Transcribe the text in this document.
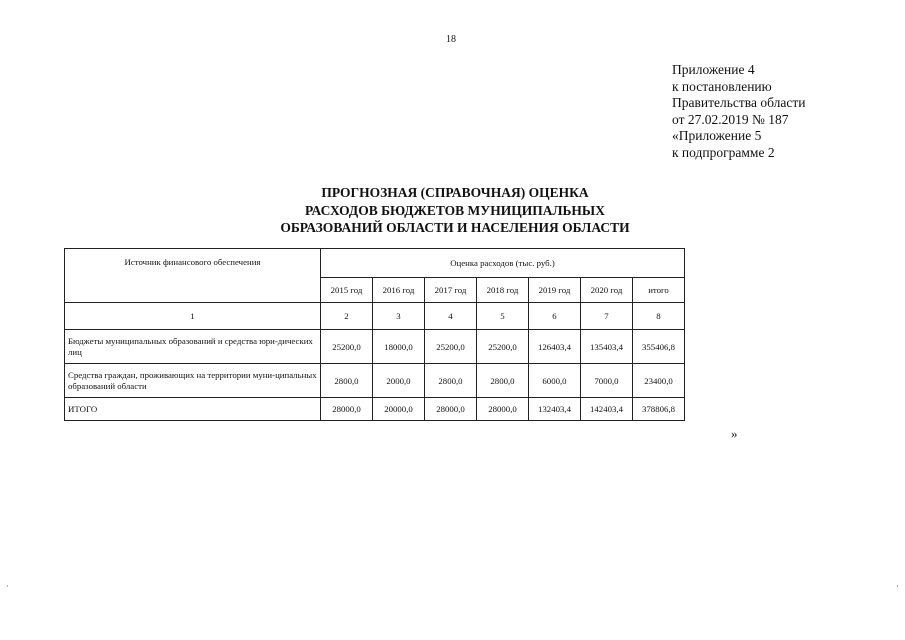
18
Приложение 4
к постановлению
Правительства области
от 27.02.2019 № 187
«Приложение 5
к подпрограмме 2
ПРОГНОЗНАЯ (СПРАВОЧНАЯ) ОЦЕНКА
РАСХОДОВ БЮДЖЕТОВ МУНИЦИПАЛЬНЫХ
ОБРАЗОВАНИЙ ОБЛАСТИ И НАСЕЛЕНИЯ ОБЛАСТИ
Источник финансового обеспечения	Оценка расходов (тыс. руб.)						
	2015 год	2016 год	2017 год	2018 год	2019 год	2020 год	итого
1	2	3	4	5	6	7	8
Бюджеты муниципальных образований и средства юри-дических лиц	25200,0	18000,0	25200,0	25200,0	126403,4	135403,4	355406,8
Средства граждан, проживающих на территории муни-ципальных образований области	2800,0	2000,0	2800,0	2800,0	6000,0	7000,0	23400,0
ИТОГО	28000,0	20000,0	28000,0	28000,0	132403,4	142403,4	378806,8
»
·	·
